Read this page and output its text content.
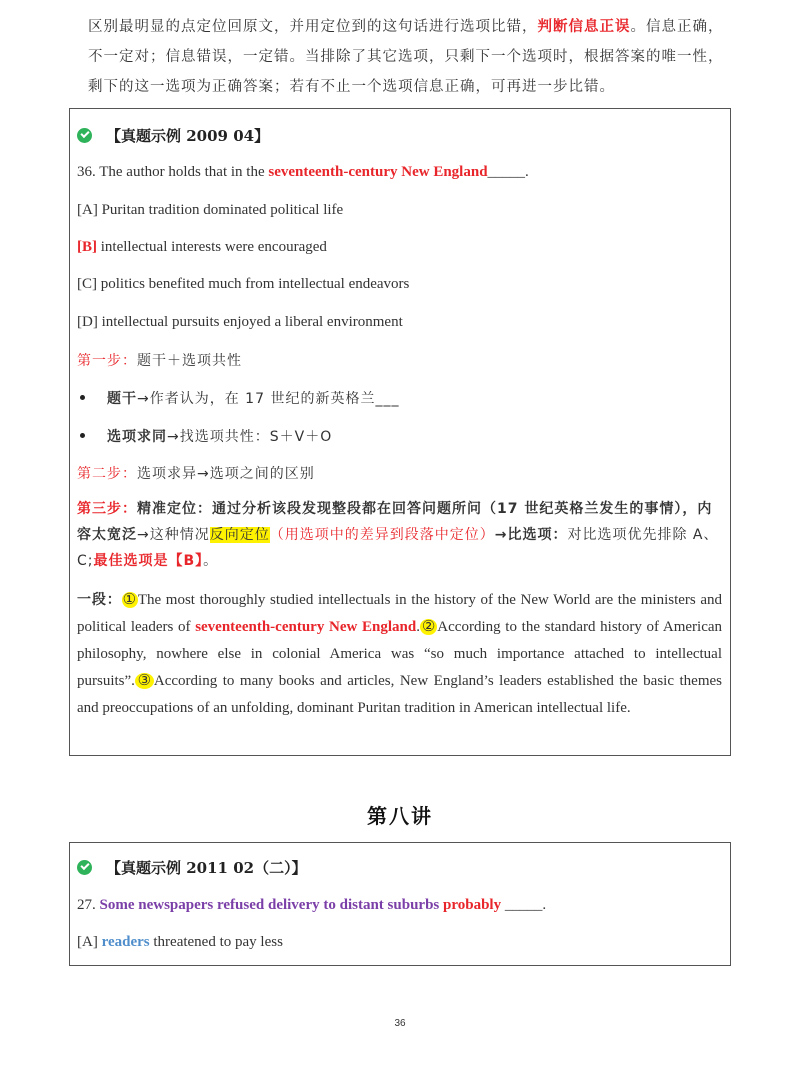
区别最明显的点定位回原文，并用定位到的这句话进行选项比错，判断信息正误。信息正确，不一定对；信息错误，一定错。当排除了其它选项，只剩下一个选项时，根据答案的唯一性，剩下的这一选项为正确答案；若有不止一个选项信息正确，可再进一步比错。
【真题示例 2009 04】
36. The author holds that in the seventeenth-century New England_____.
[A] Puritan tradition dominated political life
[B] intellectual interests were encouraged
[C] politics benefited much from intellectual endeavors
[D] intellectual pursuits enjoyed a liberal environment
第一步：题干＋选项共性
题干→作者认为，在 17 世纪的新英格兰___
选项求同→找选项共性：S＋V＋O
第二步：选项求异→选项之间的区别
第三步：精准定位：通过分析该段发现整段都在回答问题所问（17 世纪英格兰发生的事情），内容太宽泛→这种情况反向定位（用选项中的差异到段落中定位）→比选项：对比选项优先排除 A、C;最佳选项是【B】。
一段：①The most thoroughly studied intellectuals in the history of the New World are the ministers and political leaders of seventeenth-century New England.②According to the standard history of American philosophy, nowhere else in colonial America was “so much importance attached to intellectual pursuits”.③According to many books and articles, New England’s leaders established the basic themes and preoccupations of an unfolding, dominant Puritan tradition in American intellectual life.
第八讲
【真题示例 2011 02（二）】
27. Some newspapers refused delivery to distant suburbs probably _____.
[A] readers threatened to pay less
36
